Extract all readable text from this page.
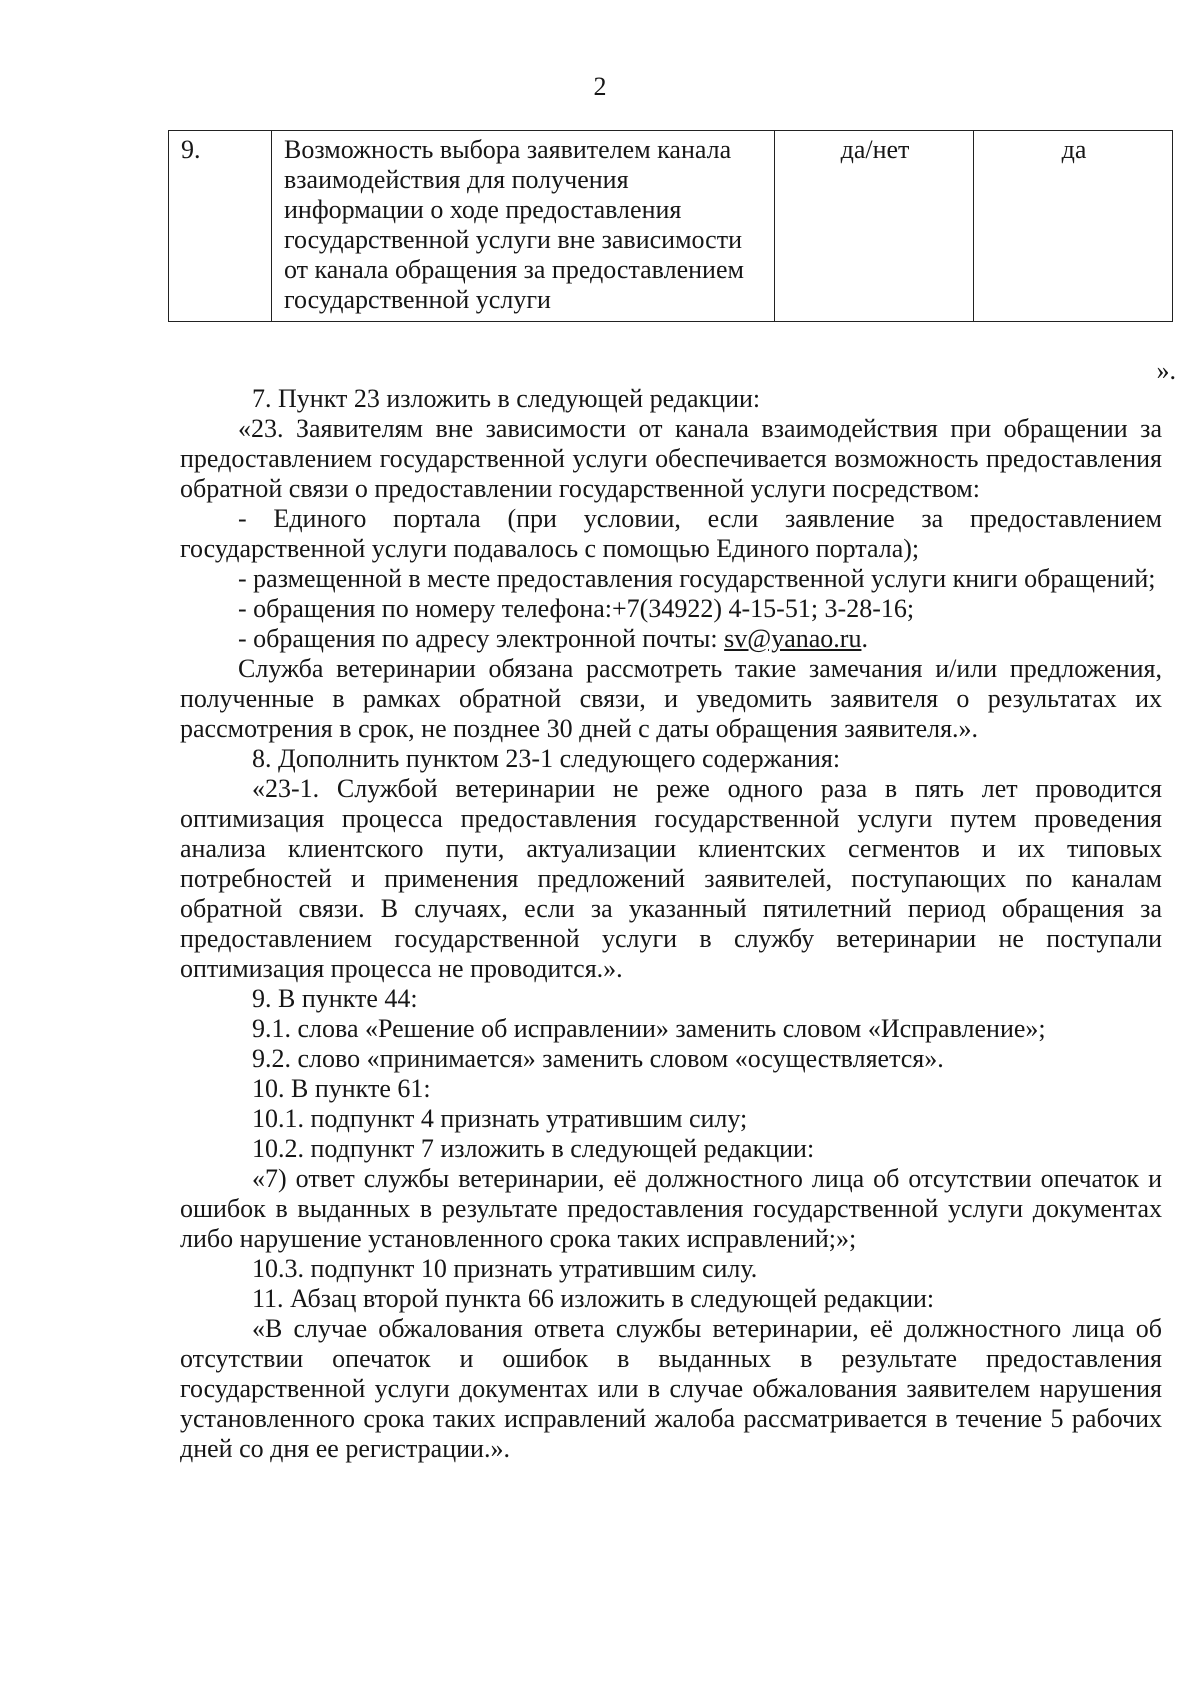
2
9.	Возможность выбора заявителем канала взаимодействия для получения информации о ходе предоставления государственной услуги вне зависимости от канала обращения за предоставлением государственной услуги	да/нет	да
».

7. Пункт 23 изложить в следующей редакции:

«23. Заявителям вне зависимости от канала взаимодействия при обращении за предоставлением государственной услуги обеспечивается возможность предоставления обратной связи о предоставлении государственной услуги посредством:

- Единого портала (при условии, если заявление за предоставлением государственной услуги подавалось с помощью Единого портала);

- размещенной в месте предоставления государственной услуги книги обращений;

- обращения по номеру телефона:+7(34922) 4-15-51; 3-28-16;

- обращения по адресу электронной почты: sv@yanao.ru.

Служба ветеринарии обязана рассмотреть такие замечания и/или предложения, полученные в рамках обратной связи, и уведомить заявителя о результатах их рассмотрения в срок, не позднее 30 дней с даты обращения заявителя.».

8. Дополнить пунктом 23-1 следующего содержания:

«23-1. Службой ветеринарии не реже одного раза в пять лет проводится оптимизация процесса предоставления государственной услуги путем проведения анализа клиентского пути, актуализации клиентских сегментов и их типовых потребностей и применения предложений заявителей, поступающих по каналам обратной связи. В случаях, если за указанный пятилетний период обращения за предоставлением государственной услуги в службу ветеринарии не поступали оптимизация процесса не проводится.».

9. В пункте 44:

9.1. слова «Решение об исправлении» заменить словом «Исправление»;

9.2. слово «принимается» заменить словом «осуществляется».

10. В пункте 61:

10.1. подпункт 4 признать утратившим силу;

10.2. подпункт 7 изложить в следующей редакции:

«7) ответ службы ветеринарии, её должностного лица об отсутствии опечаток и ошибок в выданных в результате предоставления государственной услуги документах либо нарушение установленного срока таких исправлений;»;

10.3. подпункт 10 признать утратившим силу.

11. Абзац второй пункта 66 изложить в следующей редакции:

«В случае обжалования ответа службы ветеринарии, её должностного лица об отсутствии опечаток и ошибок в выданных в результате предоставления государственной услуги документах или в случае обжалования заявителем нарушения установленного срока таких исправлений жалоба рассматривается в течение 5 рабочих дней со дня ее регистрации.».
